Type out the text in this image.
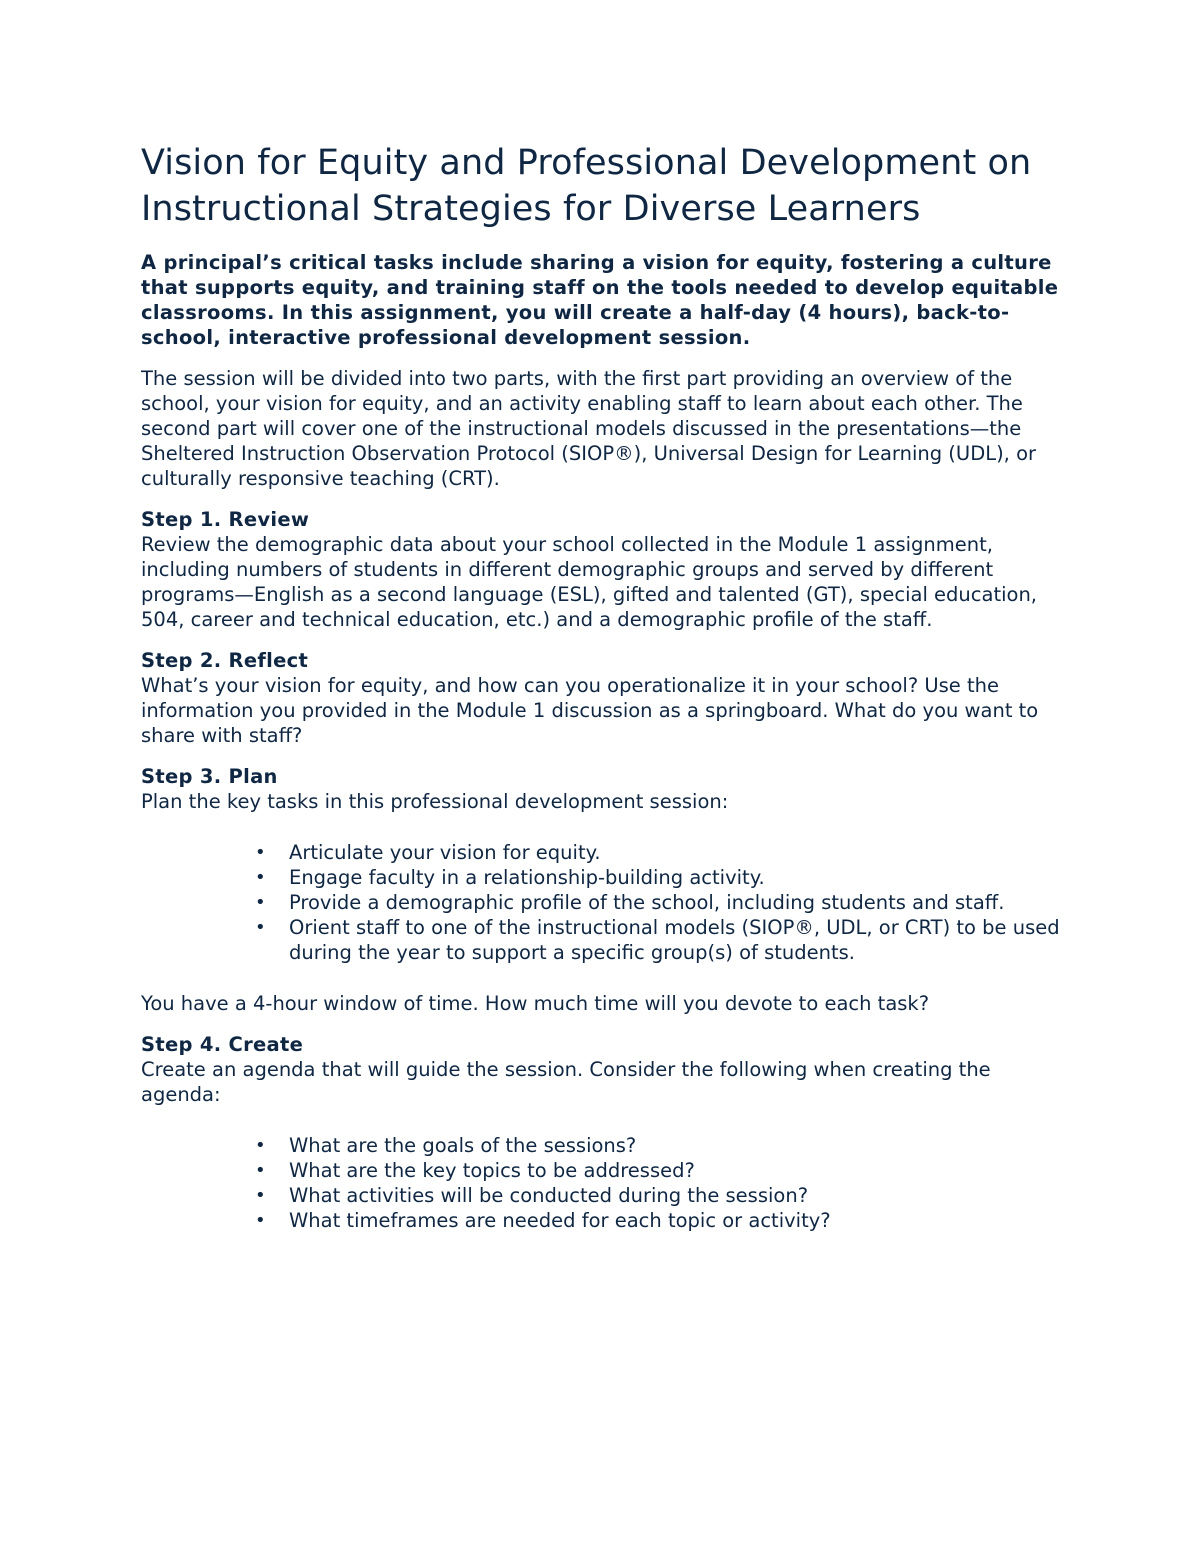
Vision for Equity and Professional Development on Instructional Strategies for Diverse Learners

A principal’s critical tasks include sharing a vision for equity, fostering a culture that supports equity, and training staff on the tools needed to develop equitable classrooms. In this assignment, you will create a half-day (4 hours), back-to-school, interactive professional development session.

The session will be divided into two parts, with the first part providing an overview of the school, your vision for equity, and an activity enabling staff to learn about each other. The second part will cover one of the instructional models discussed in the presentations—the Sheltered Instruction Observation Protocol (SIOP®), Universal Design for Learning (UDL), or culturally responsive teaching (CRT).

Step 1. Review
Review the demographic data about your school collected in the Module 1 assignment, including numbers of students in different demographic groups and served by different programs—English as a second language (ESL), gifted and talented (GT), special education, 504, career and technical education, etc.) and a demographic profile of the staff.
Step 2. Reflect
What’s your vision for equity, and how can you operationalize it in your school? Use the information you provided in the Module 1 discussion as a springboard. What do you want to share with staff?
Step 3. Plan
Plan the key tasks in this professional development session:
• Articulate your vision for equity.
• Engage faculty in a relationship-building activity.
• Provide a demographic profile of the school, including students and staff.
• Orient staff to one of the instructional models (SIOP®, UDL, or CRT) to be used during the year to support a specific group(s) of students.

You have a 4-hour window of time. How much time will you devote to each task?

Step 4. Create
Create an agenda that will guide the session. Consider the following when creating the agenda:
• What are the goals of the sessions?
• What are the key topics to be addressed?
• What activities will be conducted during the session?
• What timeframes are needed for each topic or activity?
